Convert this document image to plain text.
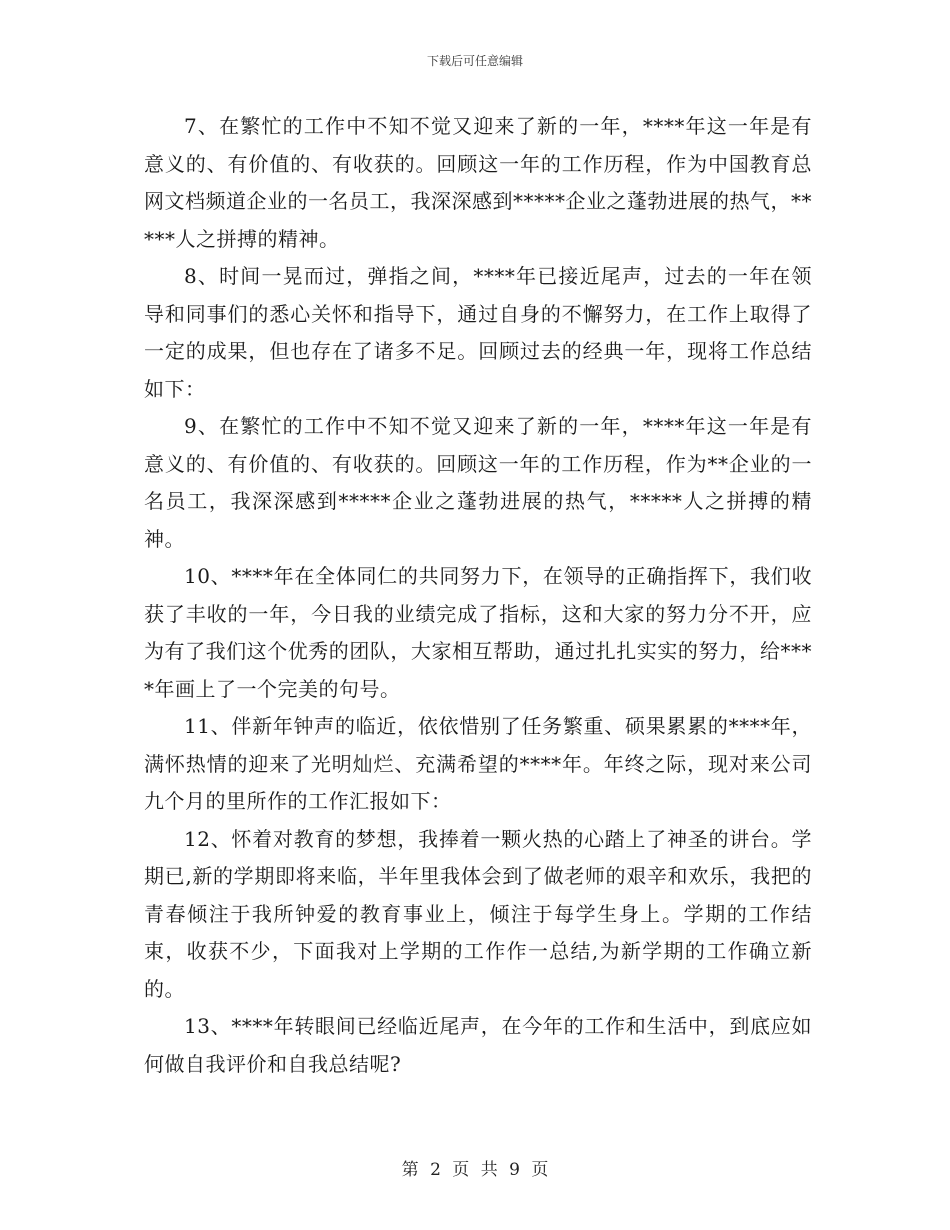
下载后可任意编辑

7、在繁忙的工作中不知不觉又迎来了新的一年，****年这一年是有意义的、有价值的、有收获的。回顾这一年的工作历程，作为中国教育总网文档频道企业的一名员工，我深深感到*****企业之蓬勃进展的热气，*****人之拼搏的精神。

8、时间一晃而过，弹指之间，****年已接近尾声，过去的一年在领导和同事们的悉心关怀和指导下，通过自身的不懈努力，在工作上取得了一定的成果，但也存在了诸多不足。回顾过去的经典一年，现将工作总结如下：

9、在繁忙的工作中不知不觉又迎来了新的一年，****年这一年是有意义的、有价值的、有收获的。回顾这一年的工作历程，作为**企业的一名员工，我深深感到*****企业之蓬勃进展的热气，*****人之拼搏的精神。

10、****年在全体同仁的共同努力下，在领导的正确指挥下，我们收获了丰收的一年，今日我的业绩完成了指标，这和大家的努力分不开，应为有了我们这个优秀的团队，大家相互帮助，通过扎扎实实的努力，给****年画上了一个完美的句号。

11、伴新年钟声的临近，依依惜别了任务繁重、硕果累累的****年，满怀热情的迎来了光明灿烂、充满希望的****年。年终之际，现对来公司九个月的里所作的工作汇报如下：

12、怀着对教育的梦想，我捧着一颗火热的心踏上了神圣的讲台。学期已,新的学期即将来临，半年里我体会到了做老师的艰辛和欢乐，我把的青春倾注于我所钟爱的教育事业上，倾注于每学生身上。学期的工作结束，收获不少，下面我对上学期的工作作一总结,为新学期的工作确立新的。

13、****年转眼间已经临近尾声，在今年的工作和生活中，到底应如何做自我评价和自我总结呢?

第 2 页 共 9 页
